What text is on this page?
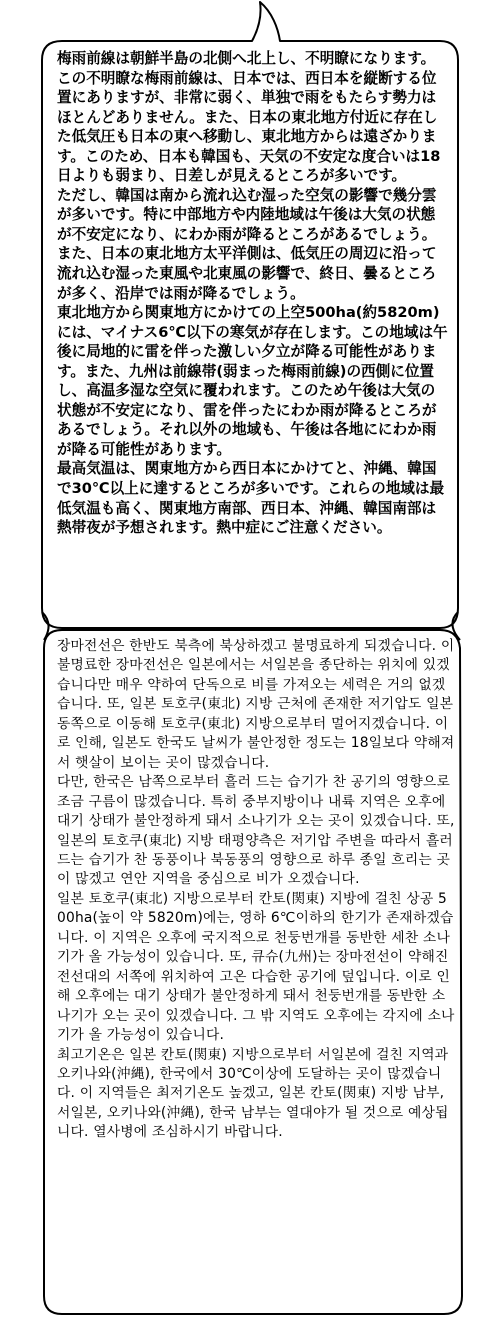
梅雨前線は朝鮮半島の北側へ北上し、不明瞭になります。この不明瞭な梅雨前線は、日本では、西日本を縦断する位置にありますが、非常に弱く、単独で雨をもたらす勢力はほとんどありません。また、日本の東北地方付近に存在した低気圧も日本の東へ移動し、東北地方からは遠ざかります。このため、日本も韓国も、天気の不安定な度合いは18日よりも弱まり、日差しが見えるところが多いです。

ただし、韓国は南から流れ込む湿った空気の影響で幾分雲が多いです。特に中部地方や内陸地域は午後は大気の状態が不安定になり、にわか雨が降るところがあるでしょう。また、日本の東北地方太平洋側は、低気圧の周辺に沿って流れ込む湿った東風や北東風の影響で、終日、曇るところが多く、沿岸では雨が降るでしょう。

東北地方から関東地方にかけての上空500ha(約5820m)には、マイナス6℃以下の寒気が存在します。この地域は午後に局地的に雷を伴った激しい夕立が降る可能性があります。また、九州は前線帯(弱まった梅雨前線)の西側に位置し、高温多湿な空気に覆われます。このため午後は大気の状態が不安定になり、雷を伴ったにわか雨が降るところがあるでしょう。それ以外の地域も、午後は各地ににわか雨が降る可能性があります。

最高気温は、関東地方から西日本にかけてと、沖縄、韓国で30℃以上に達するところが多いです。これらの地域は最低気温も高く、関東地方南部、西日本、沖縄、韓国南部は熱帯夜が予想されます。熱中症にご注意ください。

장마전선은 한반도 북측에 북상하겠고 불명료하게 되겠습니다. 이 불명료한 장마전선은 일본에서는 서일본을 종단하는 위치에 있겠습니다만 매우 약하여 단독으로 비를 가져오는 세력은 거의 없겠습니다. 또, 일본 토호쿠(東北) 지방 근처에 존재한 저기압도 일본 동쪽으로 이동해 토호쿠(東北) 지방으로부터 멀어지겠습니다. 이로 인해, 일본도 한국도 날씨가 불안정한 정도는 18일보다 약해져서 햇살이 보이는 곳이 많겠습니다.

다만, 한국은 남쪽으로부터 흘러 드는 습기가 찬 공기의 영향으로 조금 구름이 많겠습니다. 특히 중부지방이나 내륙 지역은 오후에 대기 상태가 불안정하게 돼서 소나기가 오는 곳이 있겠습니다. 또, 일본의 토호쿠(東北) 지방 태평양측은 저기압 주변을 따라서 흘러 드는 습기가 찬 동풍이나 북동풍의 영향으로 하루 종일 흐리는 곳이 많겠고 연안 지역을 중심으로 비가 오겠습니다.

일본 토호쿠(東北) 지방으로부터 칸토(関東) 지방에 걸친 상공 500ha(높이 약 5820m)에는, 영하 6℃이하의 한기가 존재하겠습니다. 이 지역은 오후에 국지적으로 천둥번개를 동반한 세찬 소나기가 올 가능성이 있습니다. 또, 큐슈(九州)는 장마전선이 약해진 전선대의 서쪽에 위치하여 고온 다습한 공기에 덮입니다. 이로 인해 오후에는 대기 상태가 불안정하게 돼서 천둥번개를 동반한 소나기가 오는 곳이 있겠습니다. 그 밖 지역도 오후에는 각지에 소나기가 올 가능성이 있습니다.

최고기온은 일본 칸토(関東) 지방으로부터 서일본에 걸친 지역과 오키나와(沖縄), 한국에서 30℃이상에 도달하는 곳이 많겠습니다. 이 지역들은 최저기온도 높겠고, 일본 칸토(関東) 지방 남부, 서일본, 오키나와(沖縄), 한국 남부는 열대야가 될 것으로 예상됩니다. 열사병에 조심하시기 바랍니다.
